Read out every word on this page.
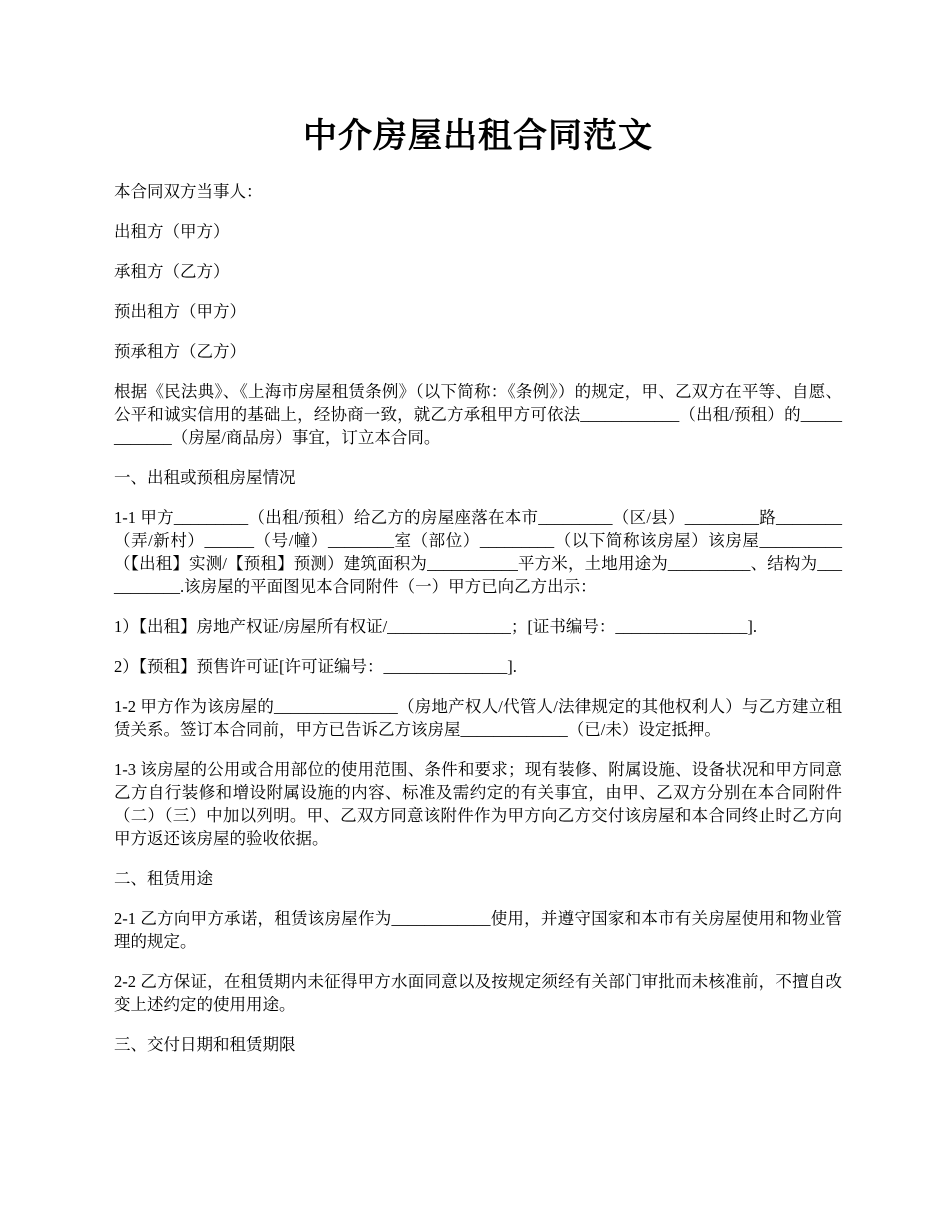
中介房屋出租合同范文

本合同双方当事人：

出租方（甲方）

承租方（乙方）

预出租方（甲方）

预承租方（乙方）

根据《民法典》、《上海市房屋租赁条例》（以下简称：《条例》）的规定，甲、乙双方在平等、自愿、公平和诚实信用的基础上，经协商一致，就乙方承租甲方可依法____________（出租/预租）的____________（房屋/商品房）事宜，订立本合同。

一、出租或预租房屋情况

1-1 甲方_________（出租/预租）给乙方的房屋座落在本市_________（区/县）_________路________（弄/新村）______（号/幢）________室（部位）_________（以下简称该房屋）该房屋__________（【出租】实测/【预租】预测）建筑面积为___________平方米，土地用途为__________、结构为___________.该房屋的平面图见本合同附件（一）甲方已向乙方出示：

1）【出租】房地产权证/房屋所有权证/_______________；[证书编号：________________].

2）【预租】预售许可证[许可证编号：_______________].

1-2 甲方作为该房屋的_______________（房地产权人/代管人/法律规定的其他权利人）与乙方建立租赁关系。签订本合同前，甲方已告诉乙方该房屋_____________（已/未）设定抵押。

1-3 该房屋的公用或合用部位的使用范围、条件和要求；现有装修、附属设施、设备状况和甲方同意乙方自行装修和增设附属设施的内容、标准及需约定的有关事宜，由甲、乙双方分别在本合同附件（二）（三）中加以列明。甲、乙双方同意该附件作为甲方向乙方交付该房屋和本合同终止时乙方向甲方返还该房屋的验收依据。

二、租赁用途

2-1 乙方向甲方承诺，租赁该房屋作为____________使用，并遵守国家和本市有关房屋使用和物业管理的规定。

2-2 乙方保证，在租赁期内未征得甲方水面同意以及按规定须经有关部门审批而未核准前，不擅自改变上述约定的使用用途。

三、交付日期和租赁期限
